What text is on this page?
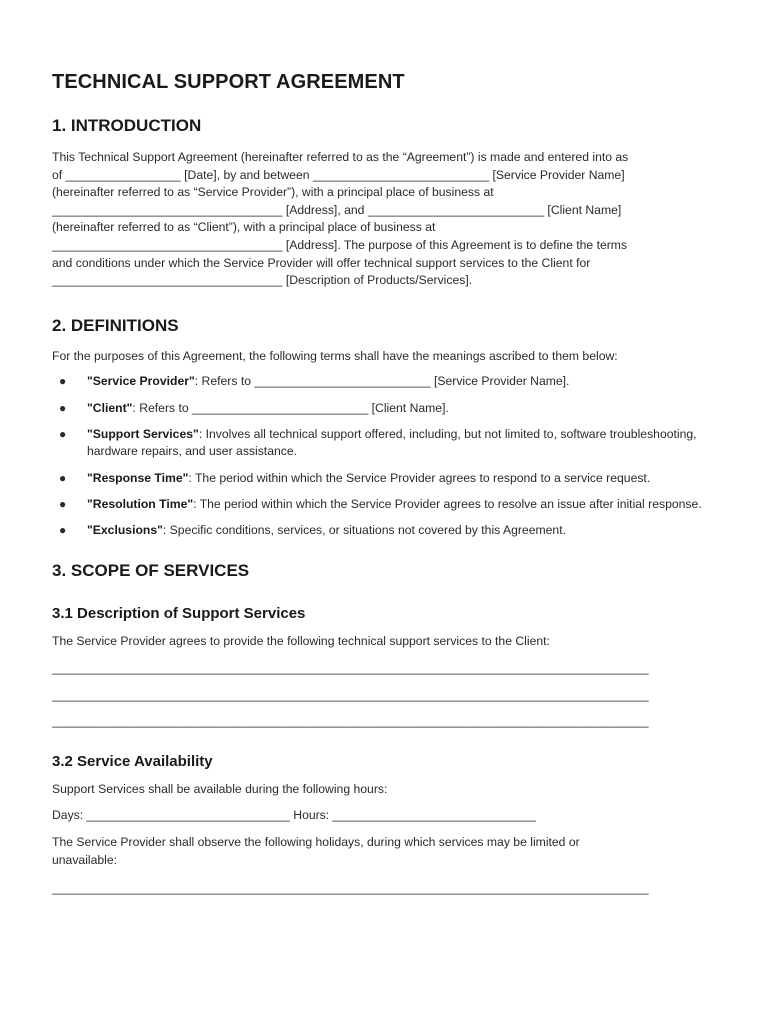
TECHNICAL SUPPORT AGREEMENT
1. INTRODUCTION

This Technical Support Agreement (hereinafter referred to as the “Agreement”) is made and entered into as
of _________________ [Date], by and between __________________________ [Service Provider Name]
(hereinafter referred to as “Service Provider”), with a principal place of business at
__________________________________ [Address], and __________________________ [Client Name]
(hereinafter referred to as “Client”), with a principal place of business at
__________________________________ [Address]. The purpose of this Agreement is to define the terms
and conditions under which the Service Provider will offer technical support services to the Client for
__________________________________ [Description of Products/Services].

2. DEFINITIONS

For the purposes of this Agreement, the following terms shall have the meanings ascribed to them below:

● "Service Provider": Refers to __________________________ [Service Provider Name].
● "Client": Refers to __________________________ [Client Name].
● "Support Services": Involves all technical support offered, including, but not limited to, software troubleshooting, hardware repairs, and user assistance.
● "Response Time": The period within which the Service Provider agrees to respond to a service request.
● "Resolution Time": The period within which the Service Provider agrees to resolve an issue after initial response.
● "Exclusions": Specific conditions, services, or situations not covered by this Agreement.
3. SCOPE OF SERVICES
3.1 Description of Support Services

The Service Provider agrees to provide the following technical support services to the Client:

________________________________________________________________________________________
________________________________________________________________________________________
________________________________________________________________________________________
3.2 Service Availability

Support Services shall be available during the following hours:

Days: ______________________________ Hours: ______________________________

The Service Provider shall observe the following holidays, during which services may be limited or
unavailable:

________________________________________________________________________________________
